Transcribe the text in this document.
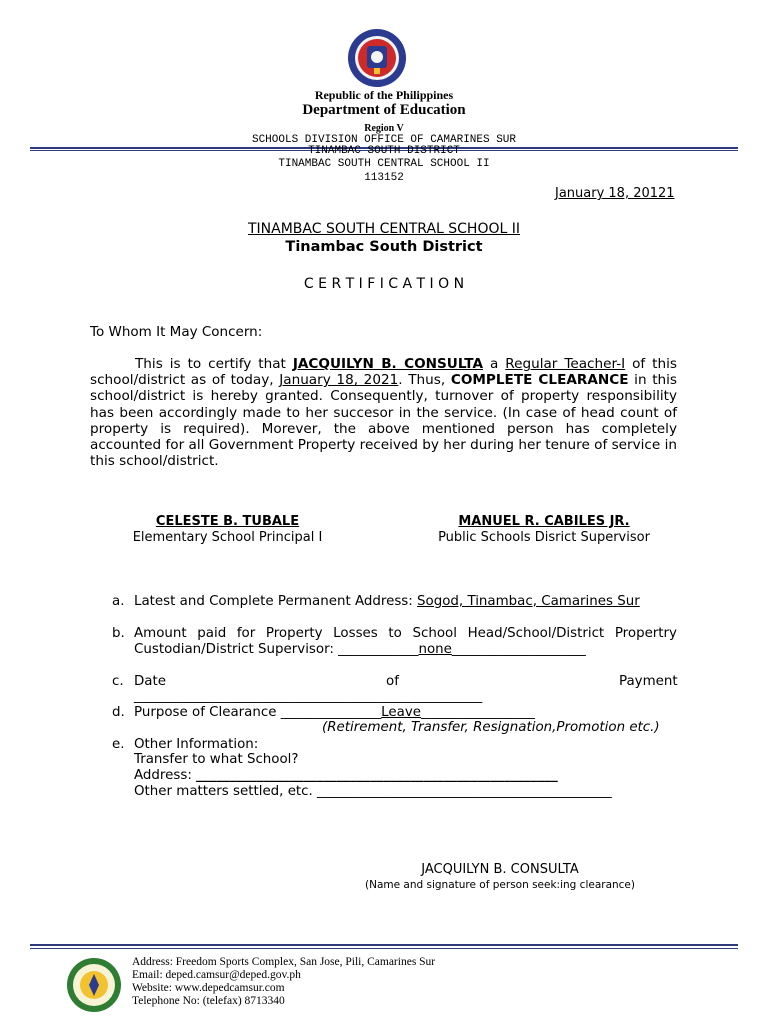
Republic of the Philippines
Department of Education
Region V
SCHOOLS DIVISION OFFICE OF CAMARINES SUR
TINAMBAC SOUTH DISTRICT
TINAMBAC SOUTH CENTRAL SCHOOL II
113152
January 18, 20121
TINAMBAC SOUTH CENTRAL SCHOOL II
Tinambac South District
C E R T I F I C A T I O N
To Whom It May Concern:
This is to certify that JACQUILYN B. CONSULTA a Regular Teacher-I of this school/district as of today, January 18, 2021. Thus, COMPLETE CLEARANCE in this school/district is hereby granted. Consequently, turnover of property responsibility has been accordingly made to her succesor in the service. (In case of head count of property is required). Morever, the above mentioned person has completely accounted for all Government Property received by her during her tenure of service in this school/district.
CELESTE B. TUBALE
Elementary School Principal I
MANUEL R. CABILES JR.
Public Schools Disrict Supervisor
a. Latest and Complete Permanent Address: Sogod, Tinambac, Camarines Sur
b. Amount paid for Property Losses to School Head/School/District Propertry
Custodian/District Supervisor: ____________none____________________
c. Date	of	Payment
____________________________________________________
d. Purpose of Clearance _______________Leave_________________
(Retirement, Transfer, Resignation,Promotion etc.)
e. Other Information:
Transfer to what School?
Address: ______________________________________________________
Other matters settled, etc. ____________________________________________
JACQUILYN B. CONSULTA
(Name and signature of person seek:ing clearance)
Address: Freedom Sports Complex, San Jose, Pili, Camarines Sur
Email: deped.camsur@deped.gov.ph
Website: www.depedcamsur.com
Telephone No: (telefax) 8713340
